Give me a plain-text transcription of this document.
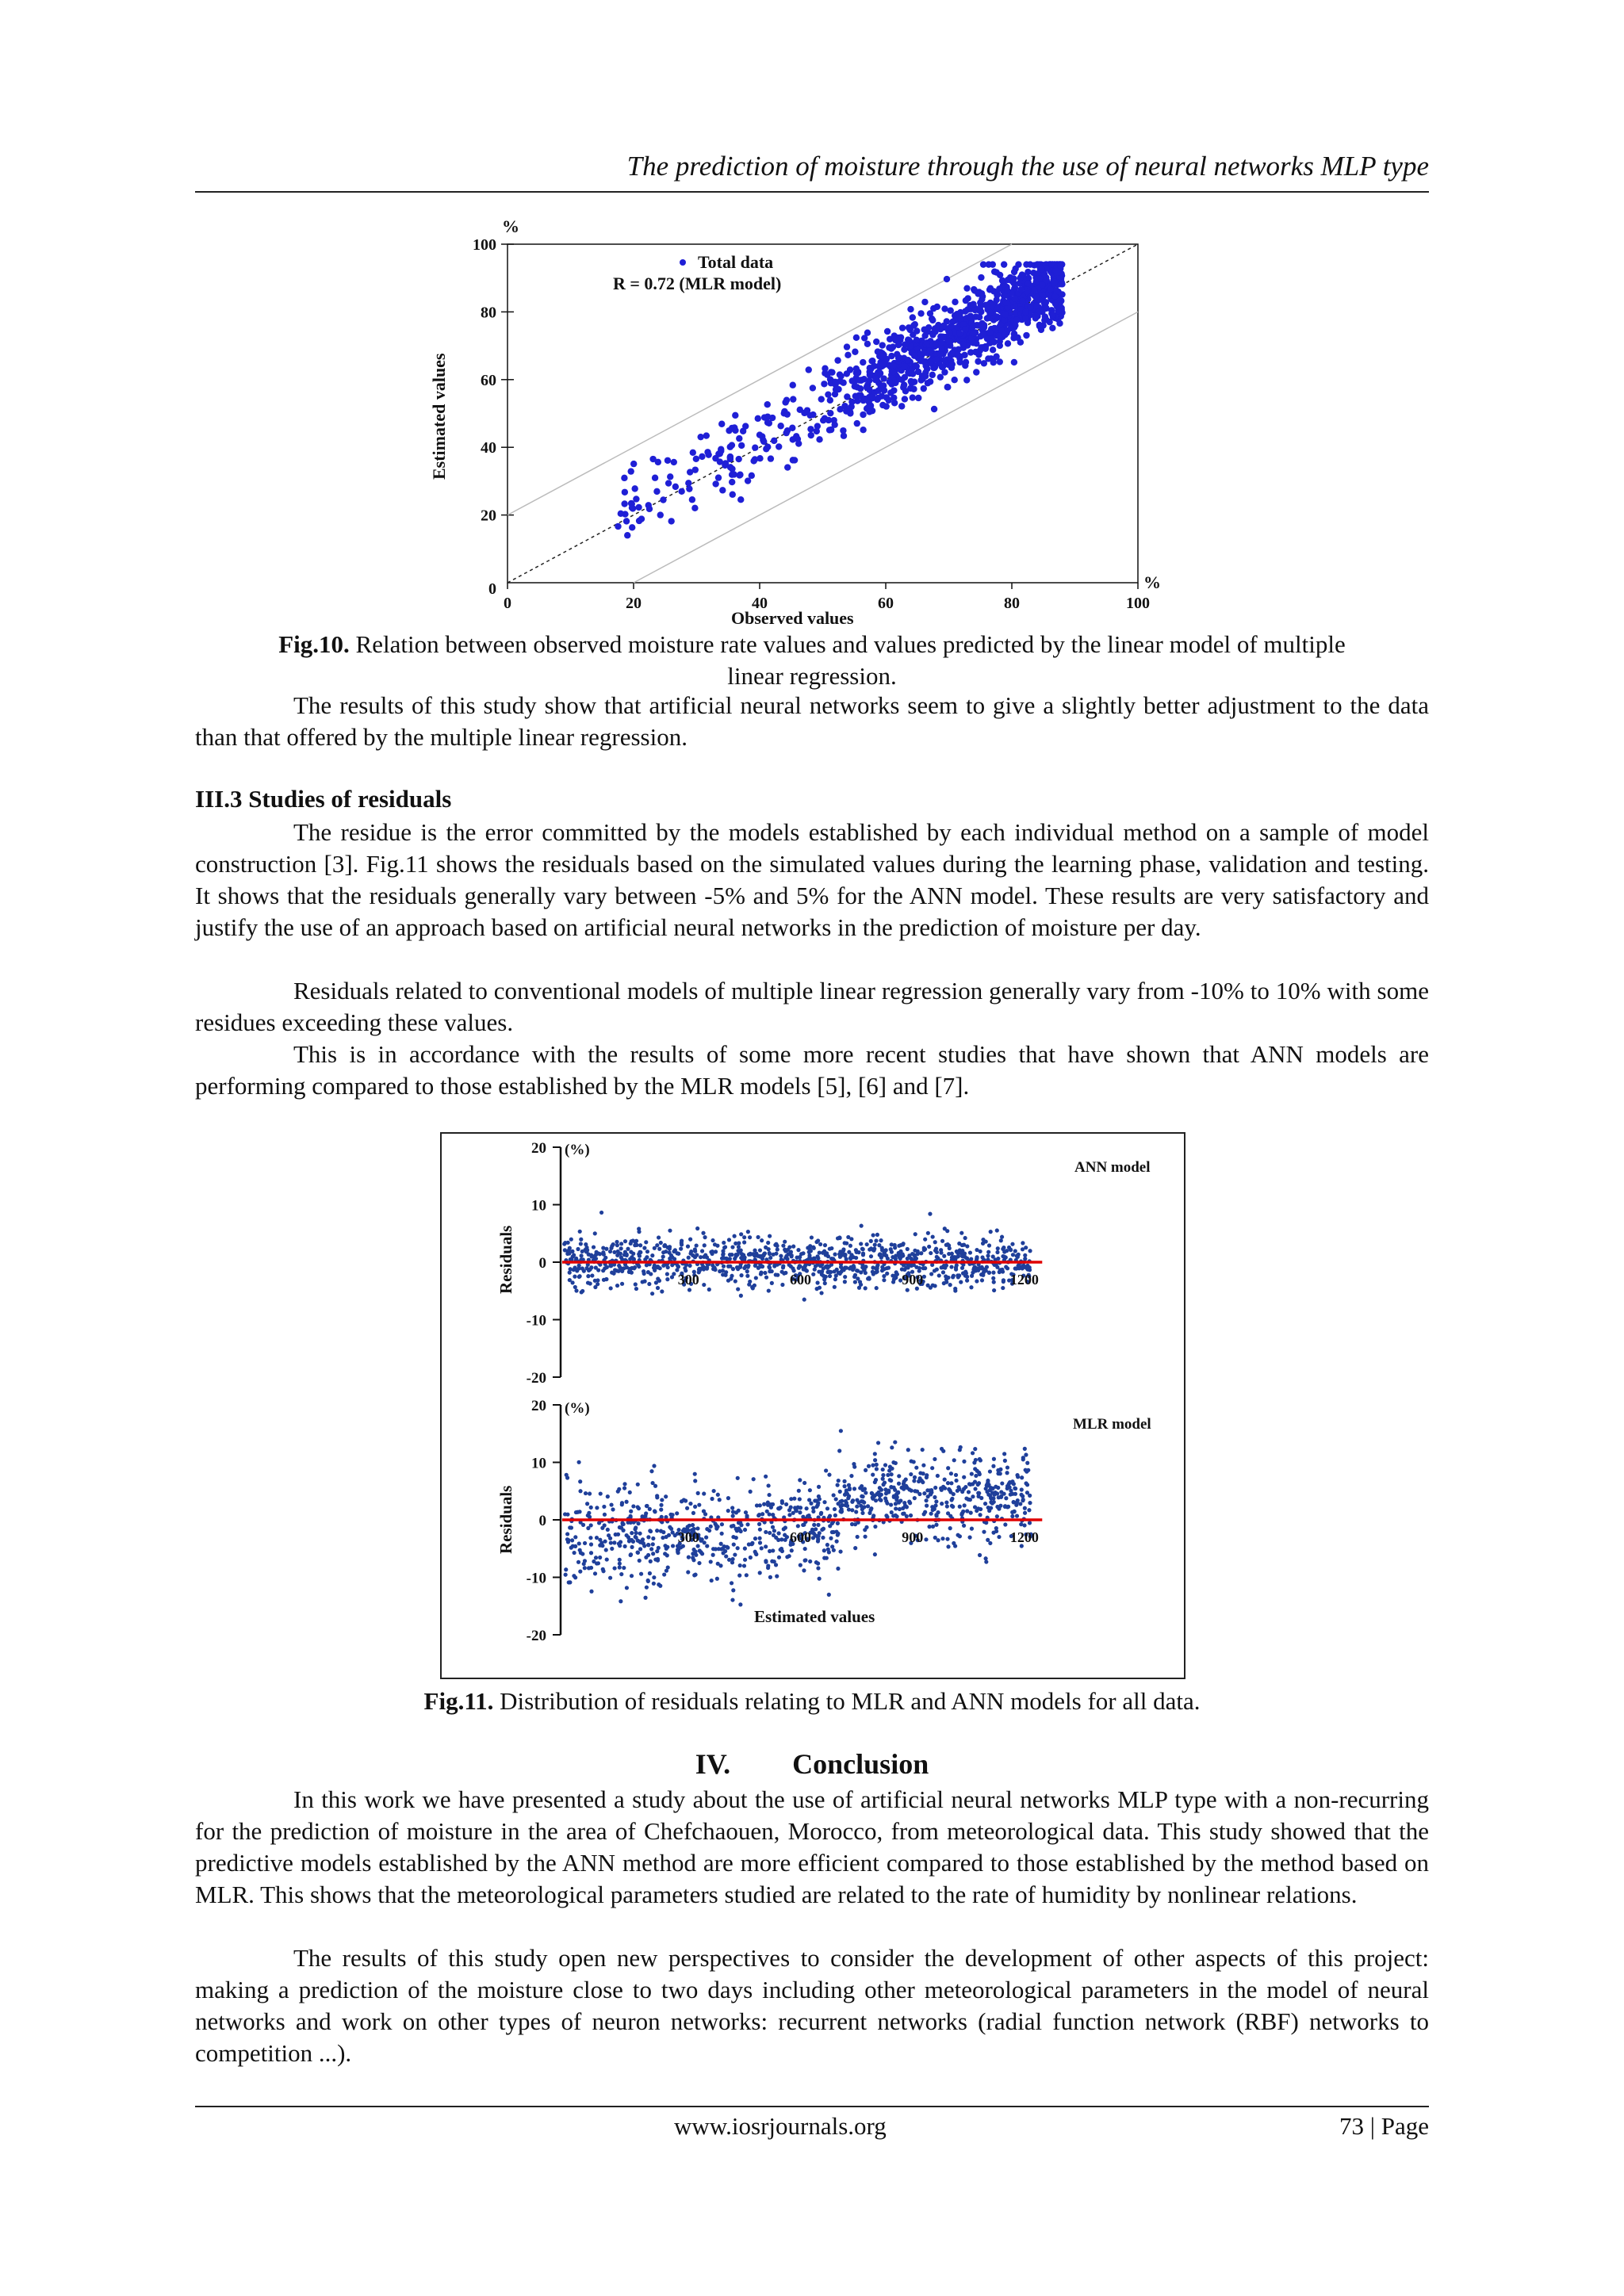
The prediction of moisture through the use of neural networks MLP type
0	20	40	60	80	100
20
40
60
80
100
0
Total data
R = 0.72 (MLR model)
Observed values
Estimated values
%
%
Fig.10. Relation between observed moisture rate values and values predicted by the linear model of multiple
linear regression.
The results of this study show that artificial neural networks seem to give a slightly better adjustment to the data than that offered by the multiple linear regression.
III.3 Studies of residuals
The residue is the error committed by the models established by each individual method on a sample of model construction [3]. Fig.11 shows the residuals based on the simulated values during the learning phase, validation and testing. It shows that the residuals generally vary between -5% and 5% for the ANN model. These results are very satisfactory and justify the use of an approach based on artificial neural networks in the prediction of moisture per day.
Residuals related to conventional models of multiple linear regression generally vary from -10% to 10% with some residues exceeding these values.
This is in accordance with the results of some more recent studies that have shown that ANN models are performing compared to those established by the MLR models [5], [6] and [7].
20
10
0
-10
-20
300	600	900	1200
20
10
0
-10
-20
300	600	900	1200
ANN model
MLR model
(%)
(%)
Residuals
Residuals
Estimated values
Fig.11. Distribution of residuals relating to MLR and ANN models for all data.
IV. Conclusion
In this work we have presented a study about the use of artificial neural networks MLP type with a non-recurring for the prediction of moisture in the area of Chefchaouen, Morocco, from meteorological data. This study showed that the predictive models established by the ANN method are more efficient compared to those established by the method based on MLR. This shows that the meteorological parameters studied are related to the rate of humidity by nonlinear relations.
The results of this study open new perspectives to consider the development of other aspects of this project: making a prediction of the moisture close to two days including other meteorological parameters in the model of neural networks and work on other types of neuron networks: recurrent networks (radial function network (RBF) networks to competition ...).
www.iosrjournals.org	73 | Page
